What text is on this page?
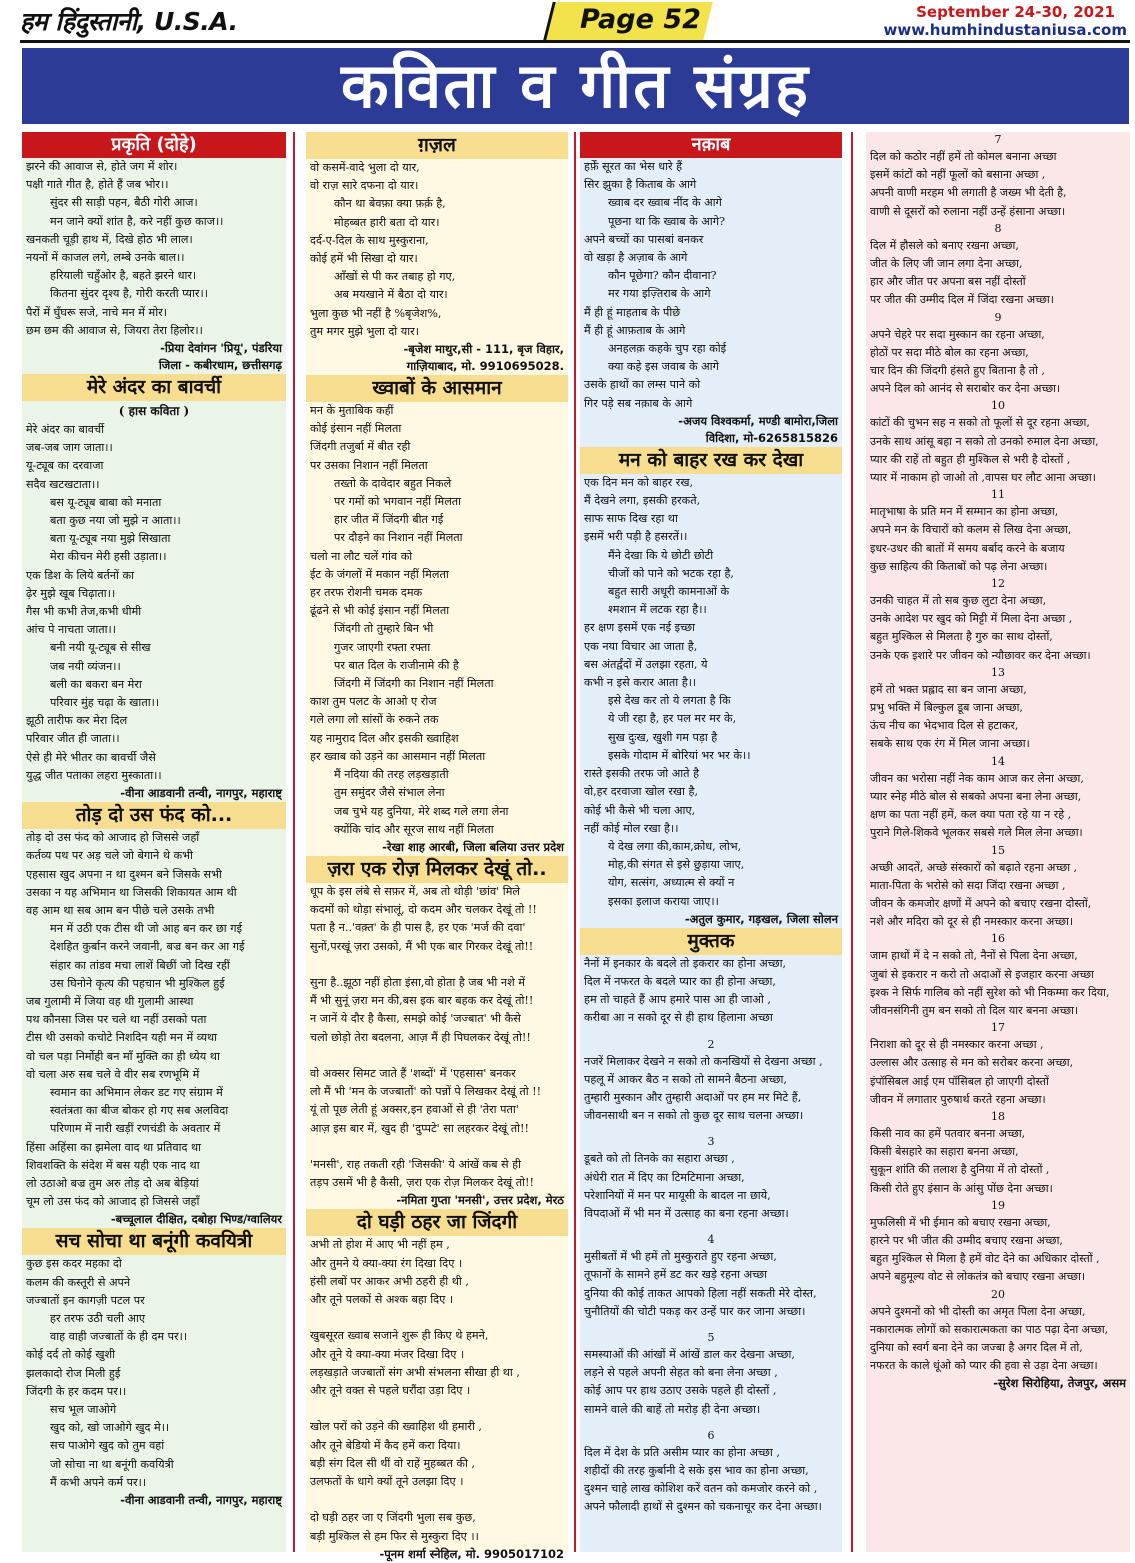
हम हिंदुस्तानी, U.S.A.	Page 52	September 24-30, 2021
www.humhindustaniusa.com
कविता व गीत संग्रह
प्रकृति (दोहे)
झरने की आवाज से, होते जग में शोर।
पक्षी गाते गीत है, होते हैं जब भोर।।
सुंदर सी साड़ी पहन, बैठी गोरी आज।
मन जाने क्यों शांत है, करे नहीं कुछ काज।।
खनकती चूड़ी हाथ में, दिखे होठ भी लाल।
नयनों में काजल लगे, लम्बे उनके बाल।।
हरियाली चहुँओर है, बहते झरने धार।
कितना सुंदर दृश्य है, गोरी करती प्यार।।
पैरों में घुँघरू सजे, नाचे मन में मोर।
छम छम की आवाज से, जियरा तेरा हिलोर।।
-प्रिया देवांगन 'प्रियू', पंडरिया
जिला - कबीरधाम, छत्तीसगढ़
मेरे अंदर का बावर्ची
( हास कविता )
मेरे अंदर का बावर्ची
जब-जब जाग जाता।।
यू-ट्यूब का दरवाजा
सदैव खटखटाता।।
बस यू-ट्यूब बाबा को मनाता
बता कुछ नया जो मुझे न आता।।
बता यू-ट्यूब नया मुझे सिखाता
मेरा कीचन मेरी हसी उड़ाता।।
एक डिश के लिये बर्तनों का
ढ़ेर मुझे खूब चिढ़ाता।।
गैस भी कभी तेज,कभी धीमी
आंच पे नाचता जाता।।
बनी नयी यू-ट्यूब से सीख
जब नयी व्यंजन।।
बली का बकरा बन मेरा
परिवार मुंह चढ़ा के खाता।।
झूठी तारीफ कर मेरा दिल
परिवार जीत ही जाता।।
ऐसे ही मेरे भीतर का बावर्ची जैसे
युद्ध जीत पताका लहरा मुस्काता।।
-वीना आडवानी तन्वी, नागपुर, महाराष्ट्
तोड़ दो उस फंद को...
तोड़ दो उस फंद को आजाद हो जिससे जहाँ
कर्तव्य पथ पर अड़ चले जो बेगाने थे कभी
एहसास खुद अपना न था दुश्मन बने जिसके सभी
उसका न यह अभिमान था जिसकी शिकायत आम थी
वह आम था सब आम बन पीछे चले उसके तभी
मन में उठी एक टीस थी जो आह बन कर छा गई
देशहित कुर्बान करने जवानी, बज्र बन कर आ गई
संहार का तांडव मचा लाशें बिछीं जो दिख रहीं
उस घिनोने कृत्य की पहचान भी मुश्किल हुई
जब गुलामी में जिया वह थी गुलामी आस्था
पथ कौनसा जिस पर चले था नहीं उसको पता
टीस थी उसको कचोटे निशदिन यही मन में व्यथा
वो चल पड़ा निर्मोही बन माँ मुक्ति का ही ध्येय था
वो चला अरु सब चले वे वीर सब रणभूमि में
स्वमान का अभिमान लेकर डट गए संग्राम में
स्वतंत्रता का बीज बोकर हो गए सब अलविदा
परिणाम में नारी खड़ीं रणचंडी के अवतार में
हिंसा अहिंसा का झमेला वाद था प्रतिवाद था
शिवशक्ति के संदेश में बस यही एक नाद था
लो उठाओ बज्र तुम अरु तोड़ दो अब बेड़ियां
चूम लो उस फंद को आजाद हो जिससे जहाँ
-बच्चूलाल दीक्षित, दबोहा भिण्ड/ग्वालियर
सच सोचा था बनूंगी कवयित्री
कुछ इस कदर महका दो
कलम की कस्तूरी से अपने
जज्बातों इन कागज़ी पटल पर
हर तरफ उठी चली आए
वाह वाही जज्बातों के ही दम पर।।
कोई दर्द तो कोई खुशी
झलकादो रोज मिली हुई
जिंदगी के हर कदम पर।।
सच भूल जाओगे
खुद को, खो जाओगे खुद मे।।
सच पाओगे खुद को तुम वहां
जो सोचा ना था बनूंगी कवयित्री
मैं कभी अपने कर्म पर।।
-वीना आडवानी तन्वी, नागपुर, महाराष्ट्
ग़ज़ल
वो कसमें-वादे भुला दो यार,
वो राज़ सारे दफना दो यार।
कौन था बेवफ़ा क्या फ़र्क़ है,
मोहब्बत हारी बता दो यार।
दर्द-ए-दिल के साथ मुस्कुराना,
कोई हमें भी सिखा दो यार।
आँखों से पी कर तबाह हो गए,
अब मयखाने में बैठा दो यार।
भुला कुछ भी नहीं है %बृजेश%,
तुम मगर मुझे भुला दो यार।
-बृजेश माथुर,सी - 111, बृज विहार,
गाज़ियाबाद, मो. 9910695028.
ख्वाबों के आसमान
मन के मुताबिक कहीं
कोई इंसान नहीं मिलता
जिंदगी तजुर्बा में बीत रही
पर उसका निशान नहीं मिलता
तख्तो के दावेदार बहुत निकले
पर गमों को भगवान नहीं मिलता
हार जीत में जिंदगी बीत गई
पर दौड़ने का निशान नहीं मिलता
चलो ना लौट चलें गांव को
ईट के जंगलों में मकान नहीं मिलता
हर तरफ रोशनी चमक दमक
ढूंढने से भी कोई इंसान नहीं मिलता
जिंदगी तो तुम्हारे बिन भी
गुजर जाएगी रफ्ता रफ्ता
पर बात दिल के राजीनामे की है
जिंदगी में जिंदगी का निशान नहीं मिलता
काश तुम पलट के आओ ए रोज
गले लगा लो सांसों के रुकने तक
यह नामुराद दिल और इसकी ख्वाहिश
हर ख्वाब को उड़ने का आसमान नहीं मिलता
मैं नदिया की तरह लड़खड़ाती
तुम समुंदर जैसे संभाल लेना
जब चुभे यह दुनिया, मेरे शब्द गले लगा लेना
क्योंकि चांद और सूरज साथ नहीं मिलता
-रेखा शाह आरबी, जिला बलिया उत्तर प्रदेश
ज़रा एक रोज़ मिलकर देखूं तो..
धूप के इस लंबे से सफ़र में, अब तो थोड़ी 'छांव' मिले
कदमों को थोड़ा संभालूं, दो कदम और चलकर देखूं तो !!
पता है न..'वक़्त' के ही पास है, हर एक 'मर्ज की दवा'
सुनों,परखूं ज़रा उसको, मैं भी एक बार गिरकर देखूं तो!!

सुना है..झूठा नहीं होता इंसा,वो होता है जब भी नशे में
मैं भी सुनूं ज़रा मन की,बस इक बार बहक कर देखूं तो!!
न जानें ये दौर है कैसा, समझे कोई 'जज्बात' भी कैसे
चलो छोड़ो तेरा बदलना, आज़ मैं ही पिघलकर देखूं तो!!

वो अक्सर सिमट जाते हैं 'शब्दों' में 'एहसास' बनकर
लो मैं भी 'मन के जज्बातों' को पन्नों पे लिखकर देखूं तो !!
यूं तो पूछ लेती हूं अक्सर,इन हवाओं से ही 'तेरा पता'
आज़ इस बार में, खुद ही 'दुप्पटे' सा लहरकर देखूं तो!!

'मनसी', राह तकती रही 'जिसकी' ये आंखें कब से ही
तड़प उसमें भी है कैसी, ज़रा एक रोज़ मिलकर देखूं तो!!
-नमिता गुप्ता 'मनसी', उत्तर प्रदेश, मेरठ
दो घड़ी ठहर जा जिंदगी
अभी तो होश में आए भी नहीं हम ,
और तुमने ये क्या-क्या रंग दिखा दिए ।
हंसी लबों पर आकर अभी ठहरी ही थी ,
और तूने पलकों से अश्क बहा दिए ।

खुबसूरत ख्वाब सजाने शुरू ही किए थे हमने,
और तूने ये क्या-क्या मंजर दिखा दिए ।
लड़खड़ाते जज्बातों संग अभी संभलना सीखा ही था ,
और तूने वक्त से पहले घरौंदा उड़ा दिए ।

खोल परों को उड़ने की ख्वाहिश थी हमारी ,
और तूने बेडियो में कैद हमें करा दिया।
बड़ी संग दिल सी थीं वो राहें मुहब्बत की ,
उलफतों के धागे क्यों तूने उलझा दिए ।

दो घड़ी ठहर जा ए जिंदगी भुला सब कुछ,
बड़ी मुश्किल से हम फिर से मुस्कुरा दिए ।।
-पूनम शर्मा स्नेहिल, मो. 9905017102
नक़ाब
हर्फ़ें सूरत का भेस धारे हैं
सिर झुका है किताब के आगे
ख्वाब दर ख्वाब नींद के आगे
पूछना था कि ख्वाब के आगे?
अपने बच्चों का पासबां बनकर
वो खड़ा है अज़ाब के आगे
कौन पूछेगा? कौन दीवाना?
मर गया इज़्तिराब के आगे
मैं ही हूं माहताब के पीछे
मैं ही हूं आफ़ताब के आगे
अनहलक़ कहके चुप रहा कोई
क्या कहे इस जवाब के आगे
उसके हाथों का लम्स पाने को
गिर पड़े सब नक़ाब के आगे
-अजय विश्वकर्मा, मण्डी बामोरा,जिला
विदिशा, मो-6265815826
मन को बाहर रख कर देखा
एक दिन मन को बाहर रख,
मैं देखने लगा, इसकी हरकते,
साफ साफ दिख रहा था
इसमें भरी पड़ी है हसरतें।।
मैंने देखा कि ये छोटी छोटी
चीजों को पाने को भटक रहा है,
बहुत सारी अधूरी कामनाओं के
श्मशान में लटक रहा है।।
हर क्षण इसमें एक नई इच्छा
एक नया विचार आ जाता है,
बस अंतर्द्वंदों में उलझा रहता, ये
कभी न इसे करार आता है।।
इसे देख कर तो ये लगता है कि
ये जी रहा है, हर पल मर मर के,
सुख दुःख, खुशी गम पड़ा है
इसके गोदाम में बोरियां भर भर के।।
रास्ते इसकी तरफ जो आते है
वो,हर दरवाजा खोल रखा है,
कोई भी कैसे भी चला आए,
नहीं कोई मोल रखा है।।
ये देख लगा की,काम,क्रोध, लोभ,
मोह,की संगत से इसे छुड़ाया जाए,
योग, सत्संग, अध्यात्म से क्यों न
इसका इलाज कराया जाए।।
-अतुल कुमार, गड़खल, जिला सोलन
मुक्तक
नैनों में इनकार के बदले तो इकरार का होना अच्छा,
दिल में नफरत के बदले प्यार का ही होना अच्छा,
हम तो चाहते हैं आप हमारे पास आ ही जाओ ,
करीबा आ न सको दूर से ही हाथ हिलाना अच्छा
2
नजरें मिलाकर देखने न सको तो कनखियों से देखना अच्छा ,
पहलू में आकर बैठ न सको तो सामने बैठना अच्छा,
तुम्हारी मुस्कान और तुम्हारी अदाओं पर हम मर मिटे हैं,
जीवनसाथी बन न सको तो कुछ दूर साथ चलना अच्छा।
3
डूबते को तो तिनके का सहारा अच्छा ,
अंधेरी रात में दिए का टिमटिमाना अच्छा,
परेशानियों में मन पर मायूसी के बादल ना छाये,
विपदाओं में भी मन में उत्साह का बना रहना अच्छा।
4
मुसीबतों में भी हमें तो मुस्कुराते हुए रहना अच्छा,
तूफानों के सामने हमें डट कर खड़े रहना अच्छा
दुनिया की कोई ताकत आपको हिला नहीं सकती मेरे दोस्त,
चुनौतियों की चोटी पकड़ कर उन्हें पार कर जाना अच्छा।
5
समस्याओं की आंखों में आंखें डाल कर देखना अच्छा,
लड़ने से पहले अपनी सेहत को बना लेना अच्छा ,
कोई आप पर हाथ उठाए उसके पहले ही दोस्तों ,
सामने वाले की बाहें तो मरोड़ ही देना अच्छा।
6
दिल में देश के प्रति असीम प्यार का होना अच्छा ,
शहीदों की तरह कुर्बानी दे सके इस भाव का होना अच्छा,
दुश्मन चाहे लाख कोशिश करें वतन को कमजोर करने को ,
अपने फौलादी हाथों से दुश्मन को चकनाचूर कर देना अच्छा।
7
दिल को कठोर नहीं हमें तो कोमल बनाना अच्छा
इसमें कांटों को नहीं फूलों को बसाना अच्छा ,
अपनी वाणी मरहम भी लगाती है जख्म भी देती है,
वाणी से दूसरों को रुलाना नहीं उन्हें हंसाना अच्छा।
8
दिल में हौसले को बनाए रखना अच्छा,
जीत के लिए जी जान लगा देना अच्छा,
हार और जीत पर अपना बस नहीं दोस्तों
पर जीत की उम्मीद दिल में जिंदा रखना अच्छा।
9
अपने चेहरे पर सदा मुस्कान का रहना अच्छा,
होठों पर सदा मीठे बोल का रहना अच्छा,
चार दिन की जिंदगी हंसते हुए बिताना है तो ,
अपने दिल को आनंद से सराबोर कर देना अच्छा।
10
कांटों की चुभन सह न सको तो फूलों से दूर रहना अच्छा,
उनके साथ आंसू बहा न सको तो उनको रुमाल देना अच्छा,
प्यार की राहें तो बहुत ही मुश्किल से भरी है दोस्तों ,
प्यार में नाकाम हो जाओ तो ,वापस घर लौट आना अच्छा।
11
मातृभाषा के प्रति मन में सम्मान का होना अच्छा,
अपने मन के विचारों को कलम से लिख देना अच्छा,
इधर-उधर की बातों में समय बर्बाद करने के बजाय
कुछ साहित्य की किताबों को पढ़ लेना अच्छा।
12
उनकी चाहत में तो सब कुछ लुटा देना अच्छा,
उनके आदेश पर खुद को मिट्टी में मिला देना अच्छा ,
बहुत मुश्किल से मिलता है गुरु का साथ दोस्तों,
उनके एक इशारे पर जीवन को न्यौछावर कर देना अच्छा।
13
हमें तो भक्त प्रह्लाद सा बन जाना अच्छा,
प्रभु भक्ति में बिल्कुल डूब जाना अच्छा,
ऊंच नीच का भेदभाव दिल से हटाकर,
सबके साथ एक रंग में मिल जाना अच्छा।
14
जीवन का भरोसा नहीं नेक काम आज कर लेना अच्छा,
प्यार स्नेह मीठे बोल से सबको अपना बना लेना अच्छा,
क्षण का पता नहीं हमें, कल क्या पता रहे या न रहे ,
पुराने गिले-शिकवे भूलकर सबसे गले मिल लेना अच्छा।
15
अच्छी आदतें, अच्छे संस्कारों को बढ़ाते रहना अच्छा ,
माता-पिता के भरोसे को सदा जिंदा रखना अच्छा ,
जीवन के कमजोर क्षणों में अपने को बचाए रखना दोस्तों,
नशे और मदिरा को दूर से ही नमस्कार करना अच्छा।
16
जाम हाथों में दे न सको तो, नैनों से पिला देना अच्छा,
जुबां से इकरार न करो तो अदाओं से इजहार करना अच्छा
इश्क ने सिर्फ गालिब को नहीं सुरेश को भी निकम्मा कर दिया,
जीवनसंगिनी तुम बन सको तो दिल यार बनना अच्छा।
17
निराशा को दूर से ही नमस्कार करना अच्छा ,
उल्लास और उत्साह से मन को सरोबर करना अच्छा,
इंपॉसिबल आई एम पॉसिबल हो जाएगी दोस्तों
जीवन में लगातार पुरुषार्थ करते रहना अच्छा।
18
किसी नाव का हमें पतवार बनना अच्छा,
किसी बेसहारे का सहारा बनना अच्छा,
सुकून शांति की तलाश है दुनिया में तो दोस्तों ,
किसी रोते हुए इंसान के आंसु पोंछ देना अच्छा।
19
मुफलिसी में भी ईमान को बचाए रखना अच्छा,
हारने पर भी जीत की उम्मीद बचाए रखना अच्छा,
बहुत मुश्किल से मिला है हमें वोट देने का अधिकार दोस्तों ,
अपने बहुमूल्य वोट से लोकतंत्र को बचाए रखना अच्छा।
20
अपने दुश्मनों को भी दोस्ती का अमृत पिला देना अच्छा,
नकारात्मक लोगों को सकारात्मकता का पाठ पढ़ा देना अच्छा,
दुनिया को स्वर्ग बना देने का जज्बा है अगर दिल में तो,
नफरत के काले धूंओ को प्यार की हवा से उड़ा देना अच्छा।
-सुरेश सिरोहिया, तेजपुर, असम
